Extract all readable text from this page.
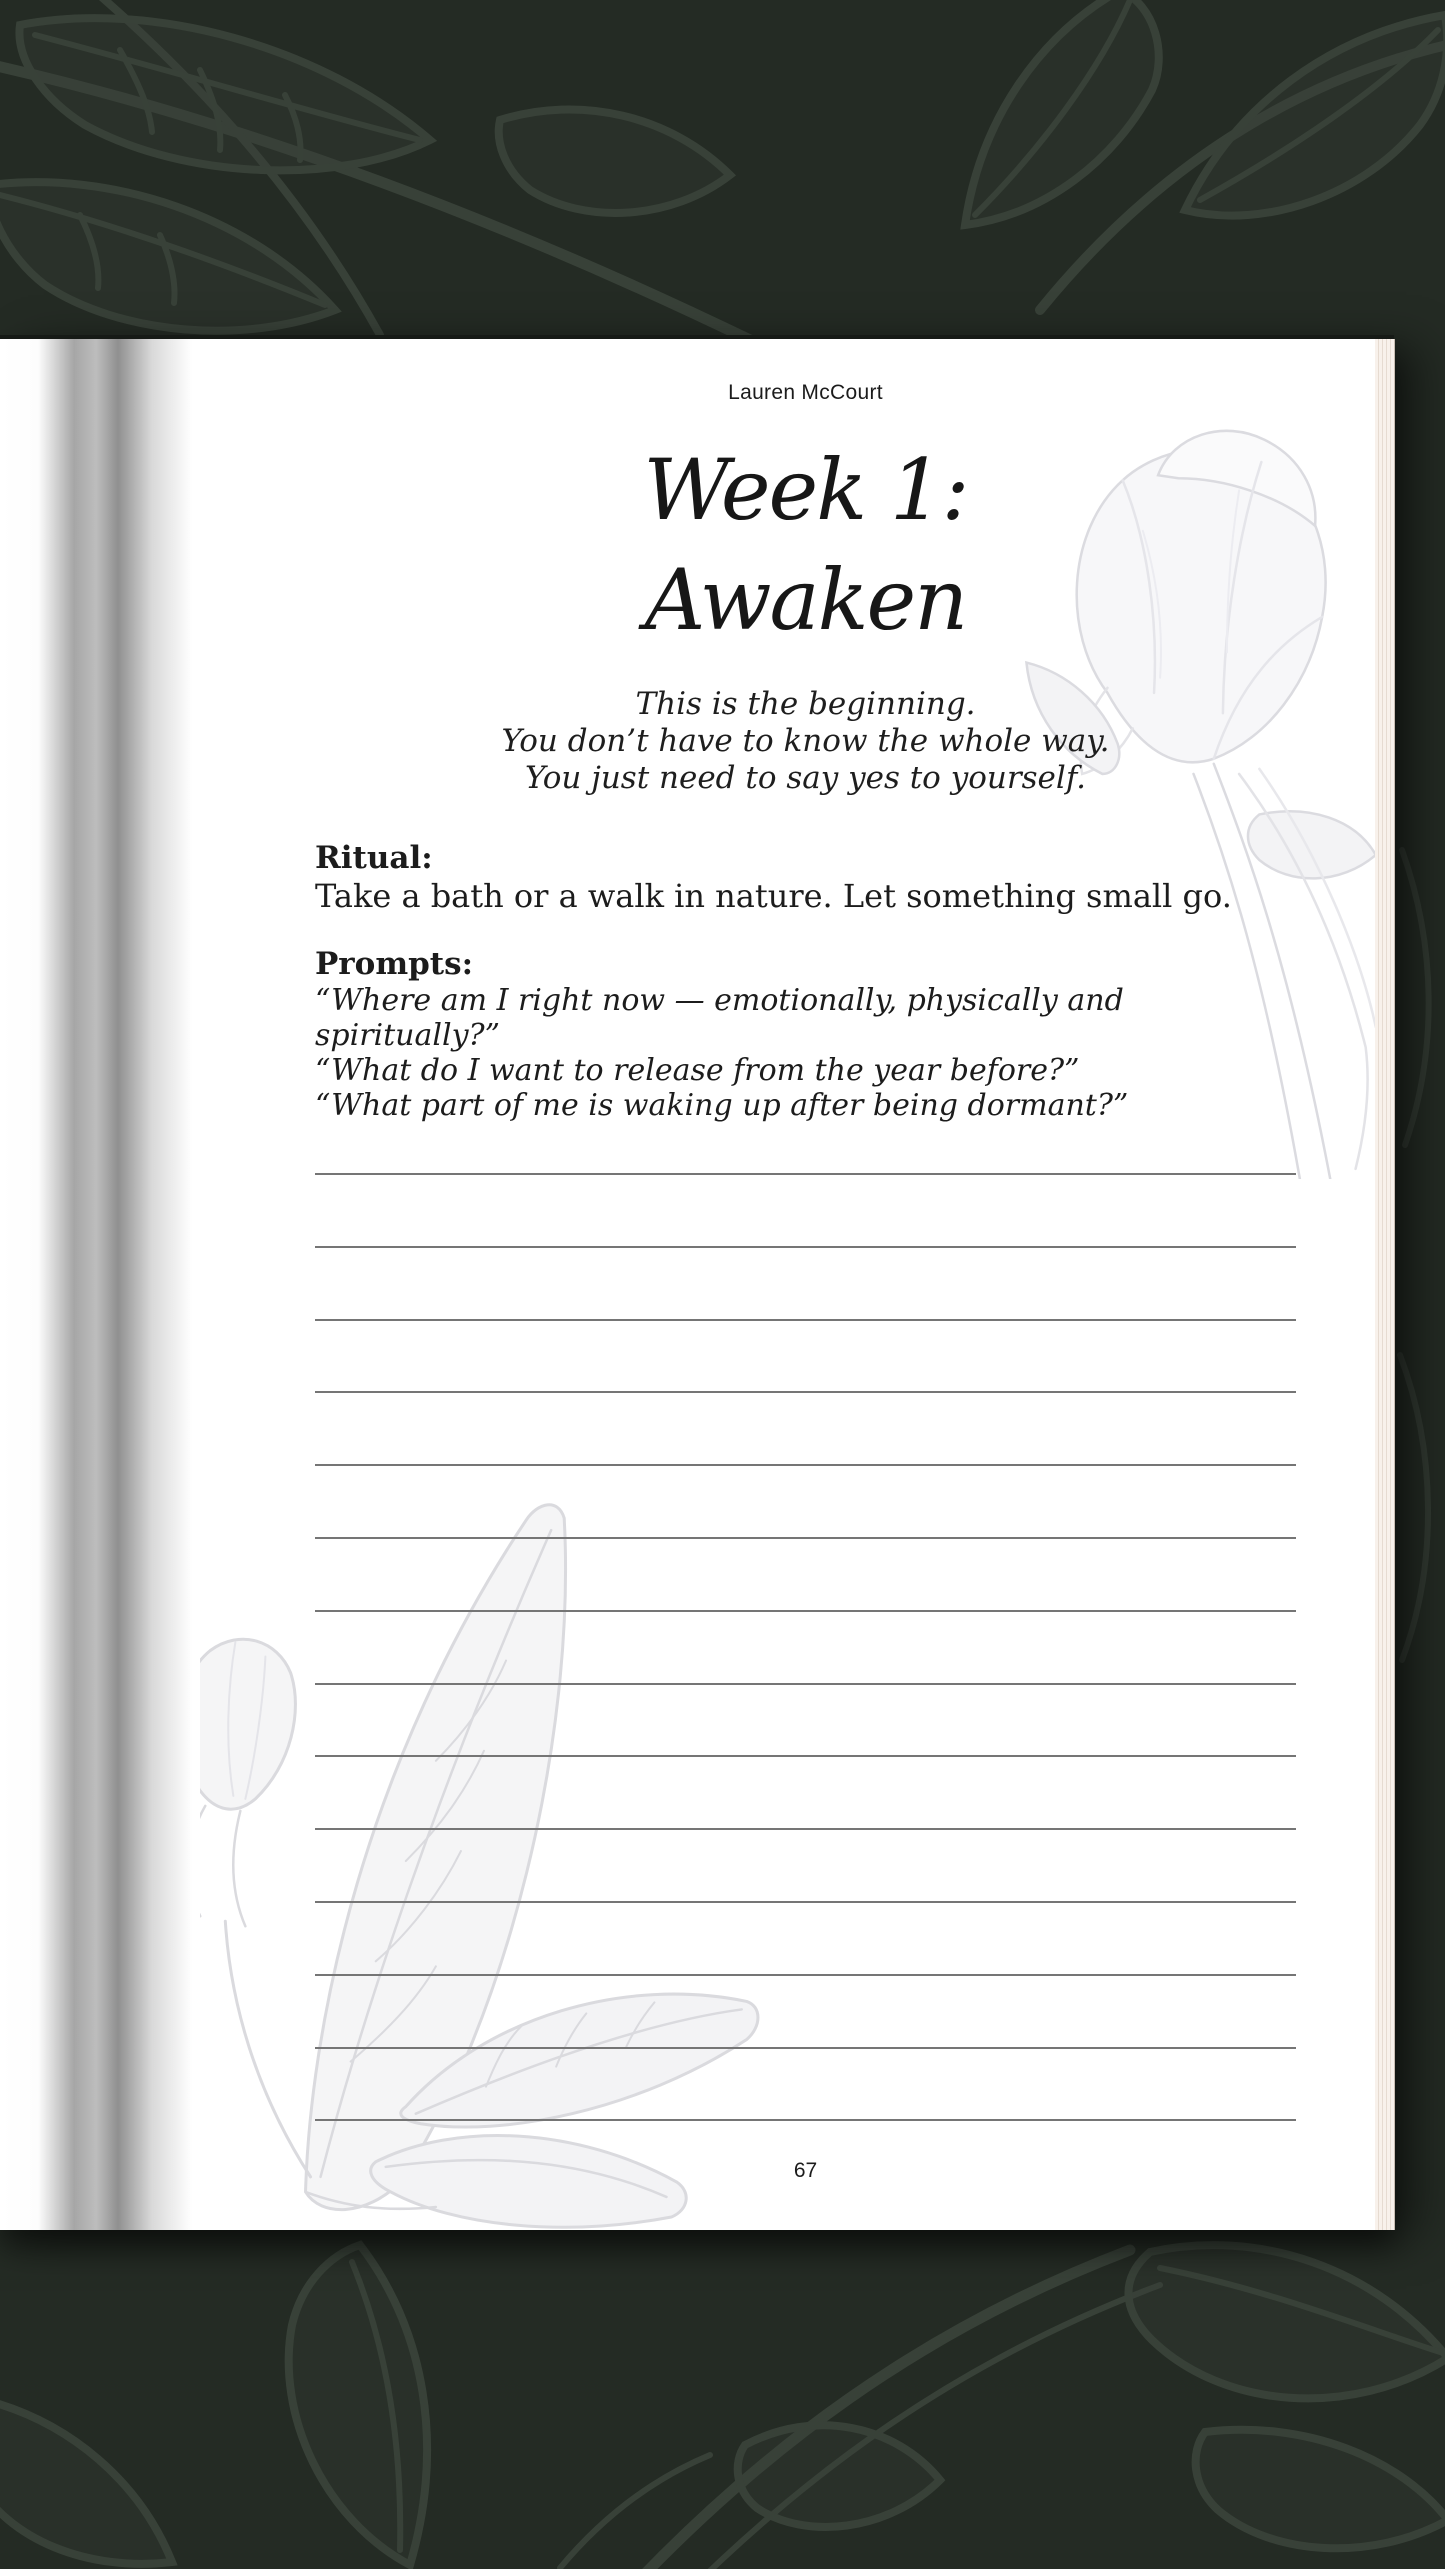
Lauren McCourt
Week 1:
Awaken
This is the beginning.
You don’t have to know the whole way.
You just need to say yes to yourself.
Ritual:
Take a bath or a walk in nature. Let something small go.
Prompts:
“Where am I right now — emotionally, physically and spiritually?”
“What do I want to release from the year before?”
“What part of me is waking up after being dormant?”
67
